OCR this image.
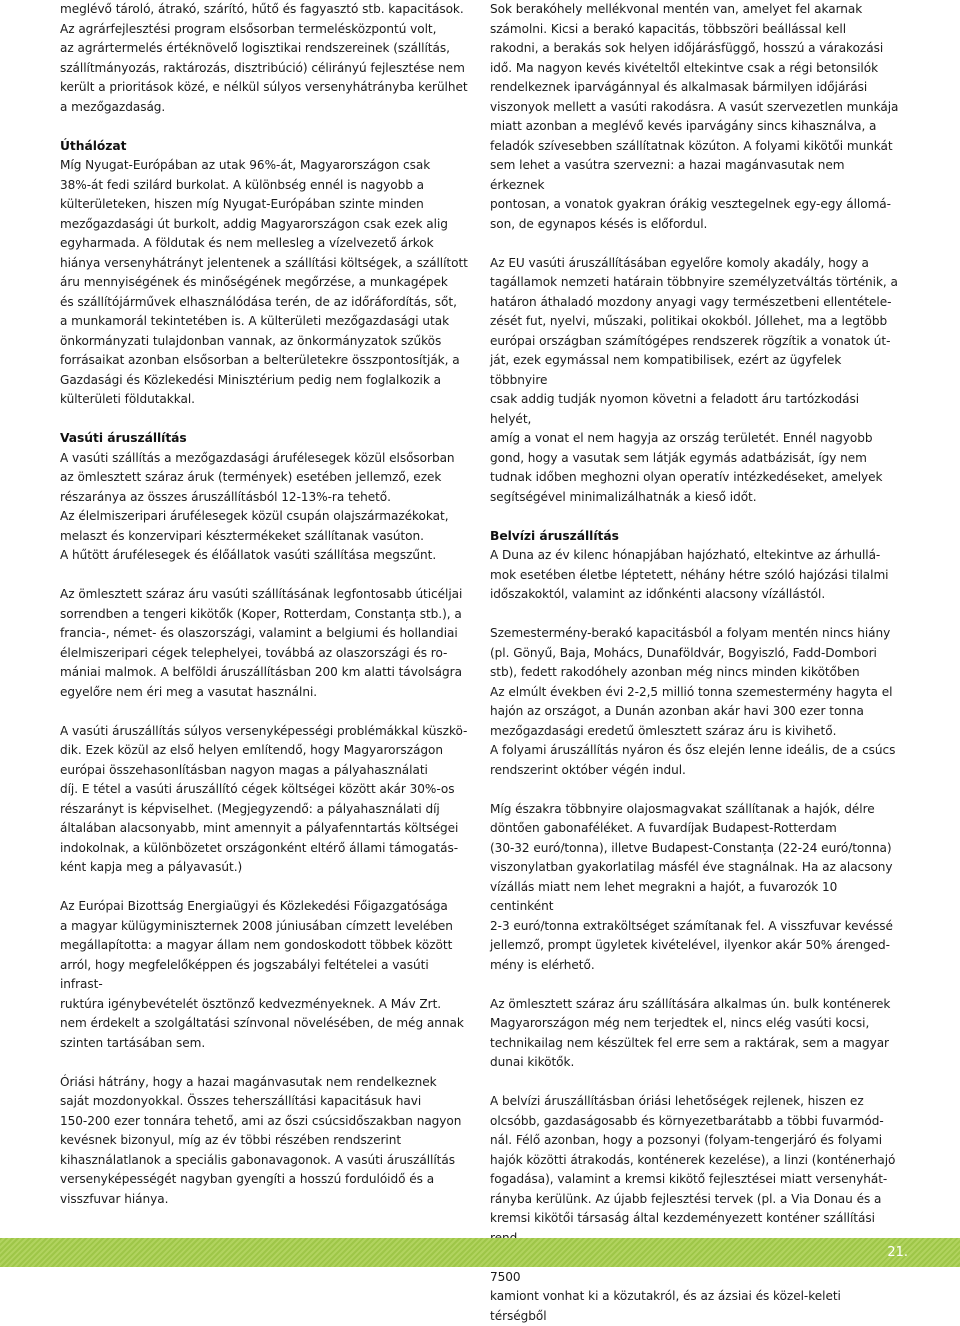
meglévő tároló, átrakó, szárító, hűtő és fagyasztó stb. kapacitások.
Az agrárfejlesztési program elsősorban termelésközpontú volt,
az agrártermelés értéknövelő logisztikai rendszereinek (szállítás,
szállítmányozás, raktározás, disztribúció) célirányú fejlesztése nem
került a prioritások közé, e nélkül súlyos versenyhátrányba kerülhet
a mezőgazdaság.

Úthálózat

Míg Nyugat-Európában az utak 96%-át, Magyarországon csak
38%-át fedi szilárd burkolat. A különbség ennél is nagyobb a
külterületeken, hiszen míg Nyugat-Európában szinte minden
mezőgazdasági út burkolt, addig Magyarországon csak ezek alig
egyharmada. A földutak és nem mellesleg a vízelvezető árkok
hiánya versenyhátrányt jelentenek a szállítási költségek, a szállított
áru mennyiségének és minőségének megőrzése, a munkagépek
és szállítójárművek elhasználódása terén, de az időráfordítás, sőt,
a munkamorál tekintetében is. A külterületi mezőgazdasági utak
önkormányzati tulajdonban vannak, az önkormányzatok szűkös
forrásaikat azonban elsősorban a belterületekre összpontosítják, a
Gazdasági és Közlekedési Minisztérium pedig nem foglalkozik a
külterületi földutakkal.

Vasúti áruszállítás

A vasúti szállítás a mezőgazdasági árufélesegek közül elsősorban
az ömlesztett száraz áruk (termények) esetében jellemző, ezek
részaránya az összes áruszállításból 12-13%-ra tehető.
Az élelmiszeripari árufélesegek közül csupán olajszármazékokat,
melaszt és konzervipari késztermékeket szállítanak vasúton.
A hűtött árufélesegek és élőállatok vasúti szállítása megszűnt.

Az ömlesztett száraz áru vasúti szállításának legfontosabb úticéljai
sorrendben a tengeri kikötők (Koper, Rotterdam, Constanța stb.), a
francia-, német- és olaszországi, valamint a belgiumi és hollandiai
élelmiszeripari cégek telephelyei, továbbá az olaszországi és ro-
mániai malmok. A belföldi áruszállításban 200 km alatti távolságra
egyelőre nem éri meg a vasutat használni.

A vasúti áruszállítás súlyos versenyképességi problémákkal küszkö-
dik. Ezek közül az első helyen említendő, hogy Magyarországon
európai összehasonlításban nagyon magas a pályahasználati
díj. E tétel a vasúti áruszállító cégek költségei között akár 30%-os
részarányt is képviselhet. (Megjegyzendő: a pályahasználati díj
általában alacsonyabb, mint amennyit a pályafenntartás költségei
indokolnak, a különbözetet országonként eltérő állami támogatás-
ként kapja meg a pályavasút.)

Az Európai Bizottság Energiaügyi és Közlekedési Főigazgatósága
a magyar külügyminiszternek 2008 júniusában címzett levelében
megállapította: a magyar állam nem gondoskodott többek között
arról, hogy megfelelőképpen és jogszabályi feltételei a vasúti infrast-
ruktúra igénybevételét ösztönző kedvezményeknek. A Máv Zrt.
nem érdekelt a szolgáltatási színvonal növelésében, de még annak
szinten tartásában sem.

Óriási hátrány, hogy a hazai magánvasutak nem rendelkeznek
saját mozdonyokkal. Összes teherszállítási kapacitásuk havi
150-200 ezer tonnára tehető, ami az őszi csúcsidőszakban nagyon
kevésnek bizonyul, míg az év többi részében rendszerint
kihasználatlanok a speciális gabonavagonok. A vasúti áruszállítás
versenyképességét nagyban gyengíti a hosszú fordulóidő és a
visszfuvar hiánya.

Sok berakóhely mellékvonal mentén van, amelyet fel akarnak
számolni. Kicsi a berakó kapacitás, többszöri beállással kell
rakodni, a berakás sok helyen időjárásfüggő, hosszú a várakozási
idő. Ma nagyon kevés kivételtől eltekintve csak a régi betonsilók
rendelkeznek iparvágánnyal és alkalmasak bármilyen időjárási
viszonyok mellett a vasúti rakodásra. A vasút szervezetlen munkája
miatt azonban a meglévő kevés iparvágány sincs kihasználva, a
feladók szívesebben szállítatnak közúton. A folyami kikötői munkát
sem lehet a vasútra szervezni: a hazai magánvasutak nem érkeznek
pontosan, a vonatok gyakran órákig vesztegelnek egy-egy állomá-
son, de egynapos késés is előfordul.

Az EU vasúti áruszállításában egyelőre komoly akadály, hogy a
tagállamok nemzeti határain többnyire személyzetváltás történik, a
határon áthaladó mozdony anyagi vagy természetbeni ellentétele-
zését fut, nyelvi, műszaki, politikai okokból. Jóllehet, ma a legtöbb
európai országban számítógépes rendszerek rögzítik a vonatok út-
ját, ezek egymással nem kompatibilisek, ezért az ügyfelek többnyire
csak addig tudják nyomon követni a feladott áru tartózkodási helyét,
amíg a vonat el nem hagyja az ország területét. Ennél nagyobb
gond, hogy a vasutak sem látják egymás adatbázisát, így nem
tudnak időben meghozni olyan operatív intézkedéseket, amelyek
segítségével minimalizálhatnák a kieső időt.

Belvízi áruszállítás

A Duna az év kilenc hónapjában hajózható, eltekintve az árhullá-
mok esetében életbe léptetett, néhány hétre szóló hajózási tilalmi
időszakoktól, valamint az időnkénti alacsony vízállástól.

Szemestermény-berakó kapacitásból a folyam mentén nincs hiány
(pl. Gönyű, Baja, Mohács, Dunaföldvár, Bogyiszló, Fadd-Dombori
stb), fedett rakodóhely azonban még nincs minden kikötőben
Az elmúlt években évi 2-2,5 millió tonna szemestermény hagyta el
hajón az országot, a Dunán azonban akár havi 300 ezer tonna
mezőgazdasági eredetű ömlesztett száraz áru is kivihető.
A folyami áruszállítás nyáron és ősz elején lenne ideális, de a csúcs
rendszerint október végén indul.

Míg északra többnyire olajosmagvakat szállítanak a hajók, délre
döntően gabonaféléket. A fuvardíjak Budapest-Rotterdam
(30-32 euró/tonna), illetve Budapest-Constanța (22-24 euró/tonna)
viszonylatban gyakorlatilag másfél éve stagnálnak. Ha az alacsony
vízállás miatt nem lehet megrakni a hajót, a fuvarozók 10 centinként
2-3 euró/tonna extraköltséget számítanak fel. A visszfuvar kevéssé
jellemző, prompt ügyletek kivételével, ilyenkor akár 50% árenged-
mény is elérhető.

Az ömlesztett száraz áru szállítására alkalmas ún. bulk konténerek
Magyarországon még nem terjedtek el, nincs elég vasúti kocsi,
technikailag nem készültek fel erre sem a raktárak, sem a magyar
dunai kikötők.

A belvízi áruszállításban óriási lehetőségek rejlenek, hiszen ez
olcsóbb, gazdaságosabb és környezetbarátabb a többi fuvarmód-
nál. Félő azonban, hogy a pozsonyi (folyam-tengerjáró és folyami
hajók közötti átrakodás, konténerek kezelése), a linzi (konténerhajó
fogadása), valamint a kremsi kikötő fejlesztései miatt versenyhát-
rányba kerülünk. Az újabb fejlesztési tervek (pl. a Via Donau és a
kremsi kikötői társaság által kezdeményezett konténer szállítási
7500
kamiont vonhat ki a közutakról, és az ázsiai és közel-keleti térségből

21.
